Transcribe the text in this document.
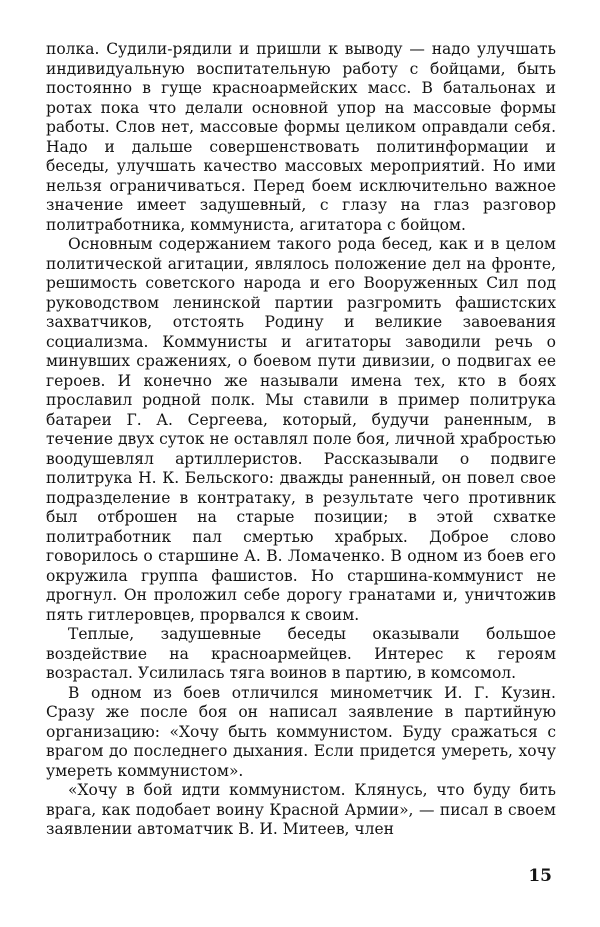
полка. Судили-рядили и пришли к выводу — надо улучшать индивидуальную воспитательную работу с бойцами, быть постоянно в гуще красноармейских масс. В батальонах и ротах пока что делали основной упор на массовые формы работы. Слов нет, массовые формы целиком оправдали себя. Надо и дальше совершенствовать политинформации и беседы, улучшать качество массовых мероприятий. Но ими нельзя ограничиваться. Перед боем исключительно важное значение имеет задушевный, с глазу на глаз разговор политработника, коммуниста, агитатора с бойцом.

Основным содержанием такого рода бесед, как и в целом политической агитации, являлось положение дел на фронте, решимость советского народа и его Вооруженных Сил под руководством ленинской партии разгромить фашистских захватчиков, отстоять Родину и великие завоевания социализма. Коммунисты и агитаторы заводили речь о минувших сражениях, о боевом пути дивизии, о подвигах ее героев. И конечно же называли имена тех, кто в боях прославил родной полк. Мы ставили в пример политрука батареи Г. А. Сергеева, который, будучи раненным, в течение двух суток не оставлял поле боя, личной храбростью воодушевлял артиллеристов. Рассказывали о подвиге политрука Н. К. Бельского: дважды раненный, он повел свое подразделение в контратаку, в результате чего противник был отброшен на старые позиции; в этой схватке политработник пал смертью храбрых. Доброе слово говорилось о старшине А. В. Ломаченко. В одном из боев его окружила группа фашистов. Но старшина-коммунист не дрогнул. Он проложил себе дорогу гранатами и, уничтожив пять гитлеровцев, прорвался к своим.

Теплые, задушевные беседы оказывали большое воздействие на красноармейцев. Интерес к героям возрастал. Усилилась тяга воинов в партию, в комсомол.

В одном из боев отличился минометчик И. Г. Кузин. Сразу же после боя он написал заявление в партийную организацию: «Хочу быть коммунистом. Буду сражаться с врагом до последнего дыхания. Если придется умереть, хочу умереть коммунистом».

«Хочу в бой идти коммунистом. Клянусь, что буду бить врага, как подобает воину Красной Армии», — писал в своем заявлении автоматчик В. И. Митеев, член

15
